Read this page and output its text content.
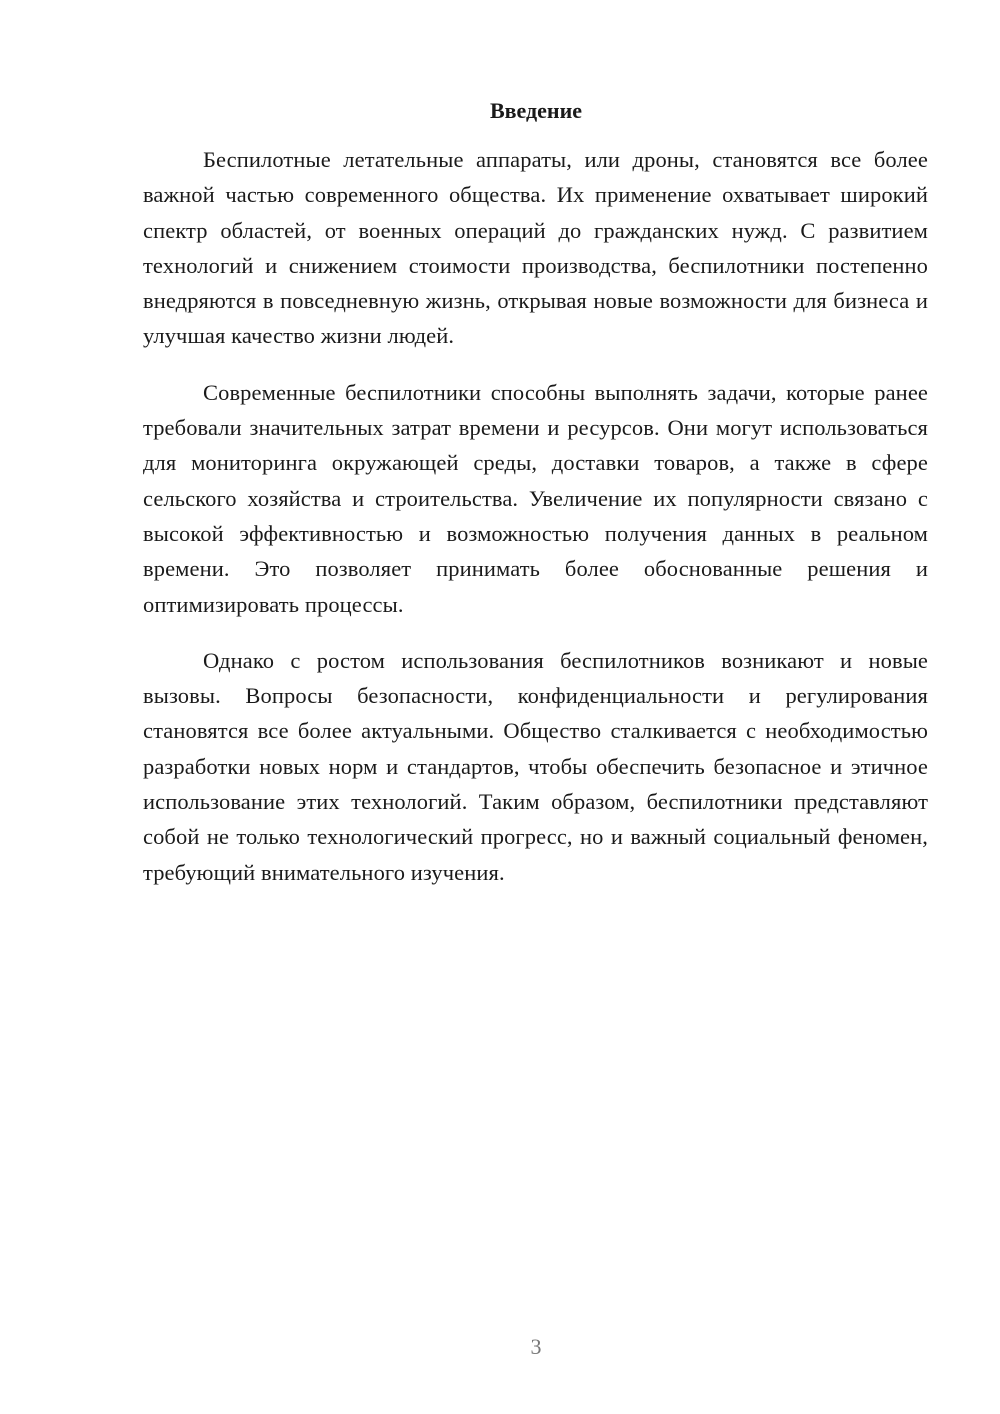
Введение

Беспилотные летательные аппараты, или дроны, становятся все более важной частью современного общества. Их применение охватывает широкий спектр областей, от военных операций до гражданских нужд. С развитием технологий и снижением стоимости производства, беспилотники постепенно внедряются в повседневную жизнь, открывая новые возможности для бизнеса и улучшая качество жизни людей.

Современные беспилотники способны выполнять задачи, которые ранее требовали значительных затрат времени и ресурсов. Они могут использоваться для мониторинга окружающей среды, доставки товаров, а также в сфере сельского хозяйства и строительства. Увеличение их популярности связано с высокой эффективностью и возможностью получения данных в реальном времени. Это позволяет принимать более обоснованные решения и оптимизировать процессы.

Однако с ростом использования беспилотников возникают и новые вызовы. Вопросы безопасности, конфиденциальности и регулирования становятся все более актуальными. Общество сталкивается с необходимостью разработки новых норм и стандартов, чтобы обеспечить безопасное и этичное использование этих технологий. Таким образом, беспилотники представляют собой не только технологический прогресс, но и важный социальный феномен, требующий внимательного изучения.

3
